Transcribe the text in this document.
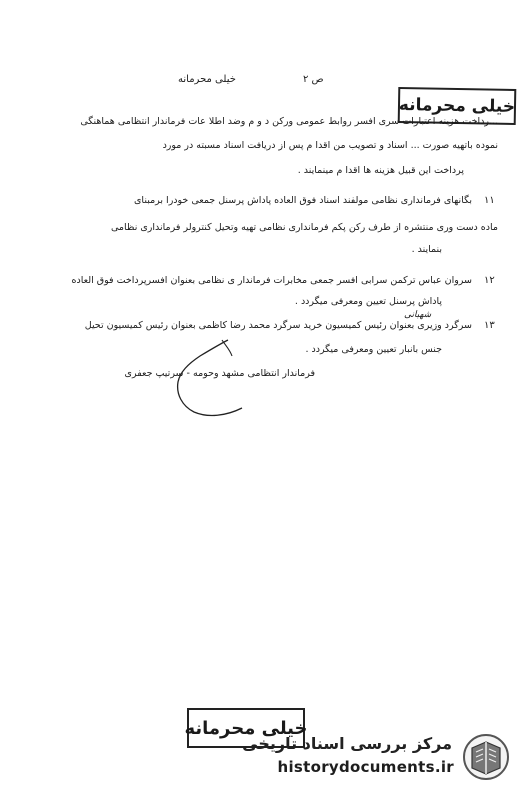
ص ۲
خیلی محرمانه
خیلی محرمانه
...رداخت هزینه اعتبارات سری افسر روابط عمومی ورکن د و م وضد اطلا عات فرماندار انتظامی هماهنگی
نموده باتهیه صورت ... اسناد و تصویب من اقدا م پس از دریافت اسناد مسبته در مورد
پرداخت این قبیل هزینه ها اقدا م مینمایند .
۱۱
بگانهای فرمانداری نظامی مولفند اسناد فوق العاده پاداش پرسنل جمعی خودرا برمبنای
ماده دست وری منتشره از طرف رکن پکم فرمانداری نظامی تهیه وتحیل کنترولر فرمانداری نظامی
بنمایند .
۱۲
سروان عباس ترکمن سرابی افسر جمعی مخابرات فرماندار ی نظامی بعنوان افسرپرداخت فوق العاده
پاداش پرسنل تعیین ومعرفی میگردد .
شهبانی
۱۳
سرگرد وزیری بعنوان رئیس کمیسیون خرید سرگرد محمد رضا کاظمی بعنوان رئیس کمیسیون تحیل
جنس بانبار تعیین ومعرفی میگردد .
فرماندار انتظامی مشهد وحومه - سرتیپ جعفری
خیلی محرمانه
مرکز بررسی اسناد تاریخی
historydocuments.ir
